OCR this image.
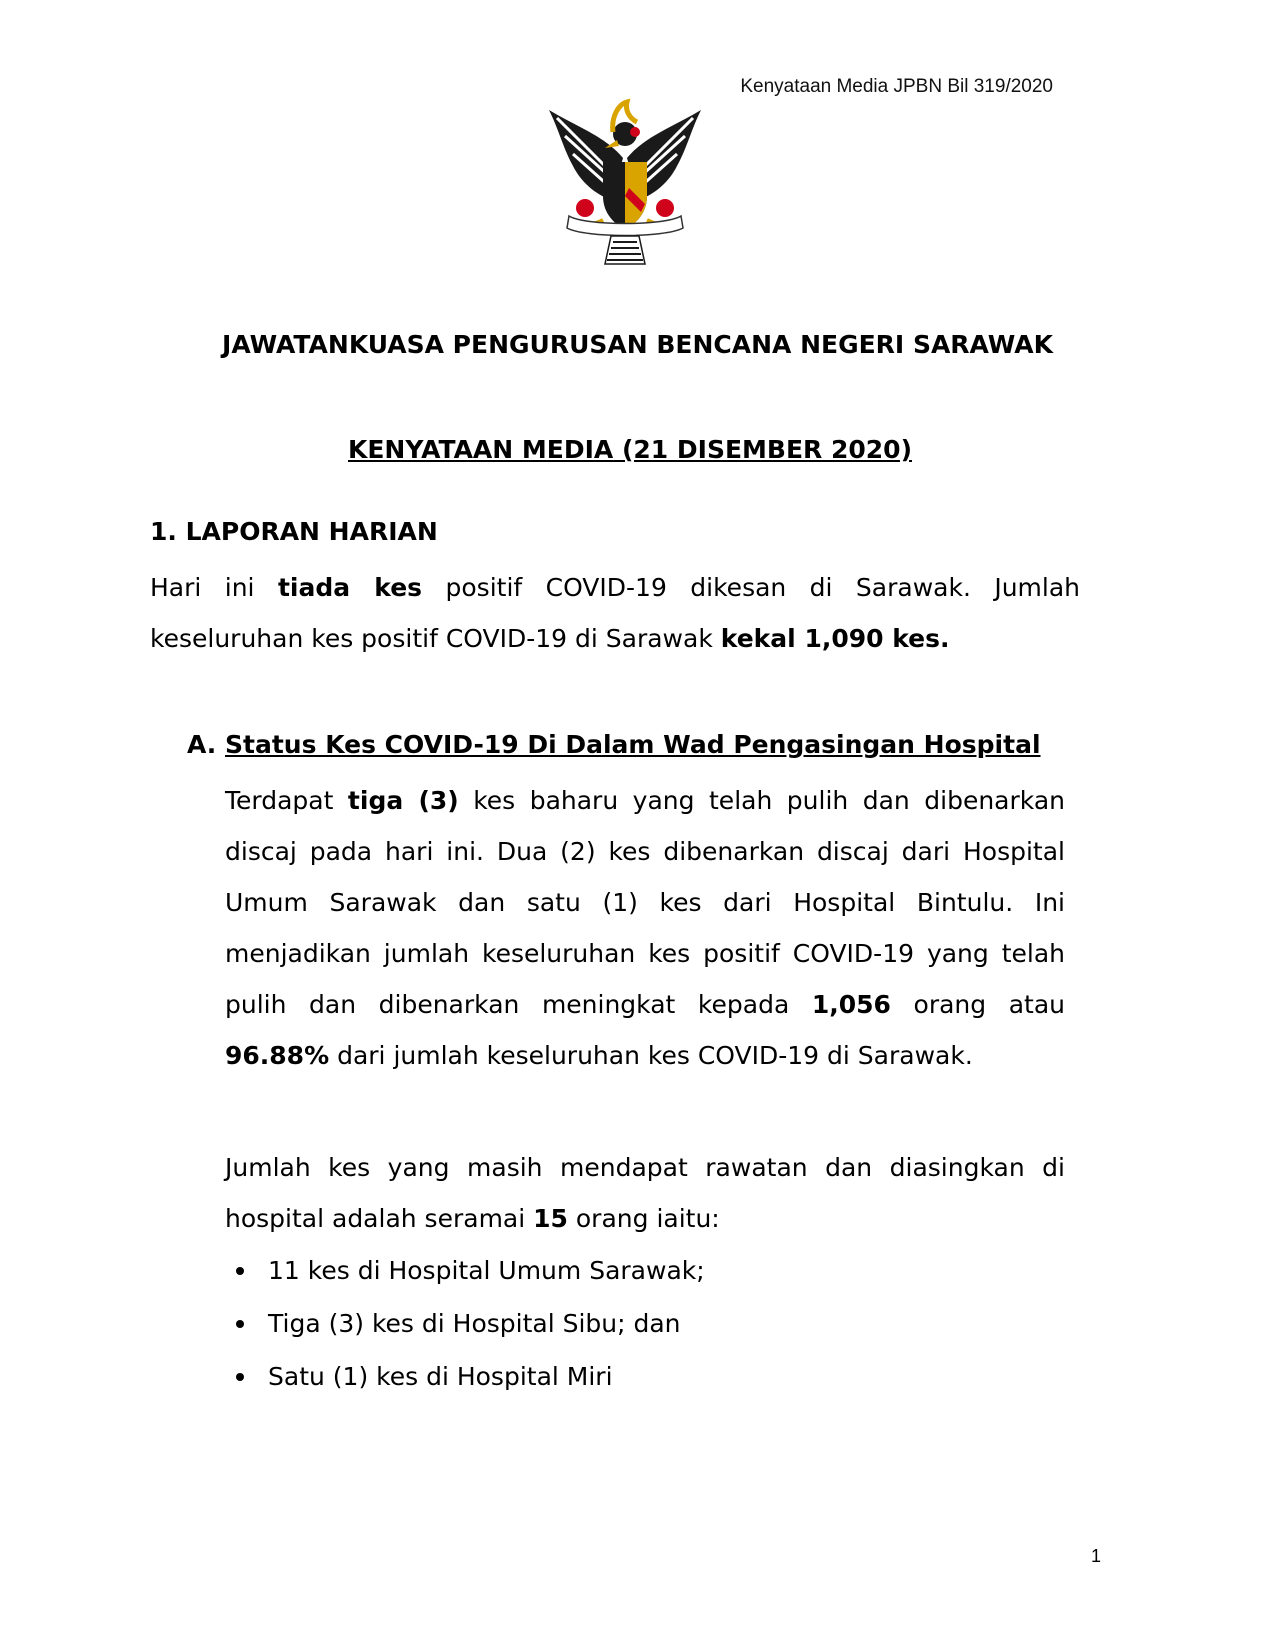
Kenyataan Media JPBN Bil 319/2020
JAWATANKUASA PENGURUSAN BENCANA NEGERI SARAWAK
KENYATAAN MEDIA (21 DISEMBER 2020)
1. LAPORAN HARIAN
Hari ini tiada kes positif COVID-19 dikesan di Sarawak. Jumlah
keseluruhan kes positif COVID-19 di Sarawak kekal 1,090 kes.
A. Status Kes COVID-19 Di Dalam Wad Pengasingan Hospital
Terdapat tiga (3) kes baharu yang telah pulih dan dibenarkan
discaj pada hari ini. Dua (2) kes dibenarkan discaj dari Hospital
Umum Sarawak dan satu (1) kes dari Hospital Bintulu. Ini
menjadikan jumlah keseluruhan kes positif COVID-19 yang telah
pulih dan dibenarkan meningkat kepada 1,056 orang atau
96.88% dari jumlah keseluruhan kes COVID-19 di Sarawak.
Jumlah kes yang masih mendapat rawatan dan diasingkan di
hospital adalah seramai 15 orang iaitu:
11 kes di Hospital Umum Sarawak;
Tiga (3) kes di Hospital Sibu; dan
Satu (1) kes di Hospital Miri
1
